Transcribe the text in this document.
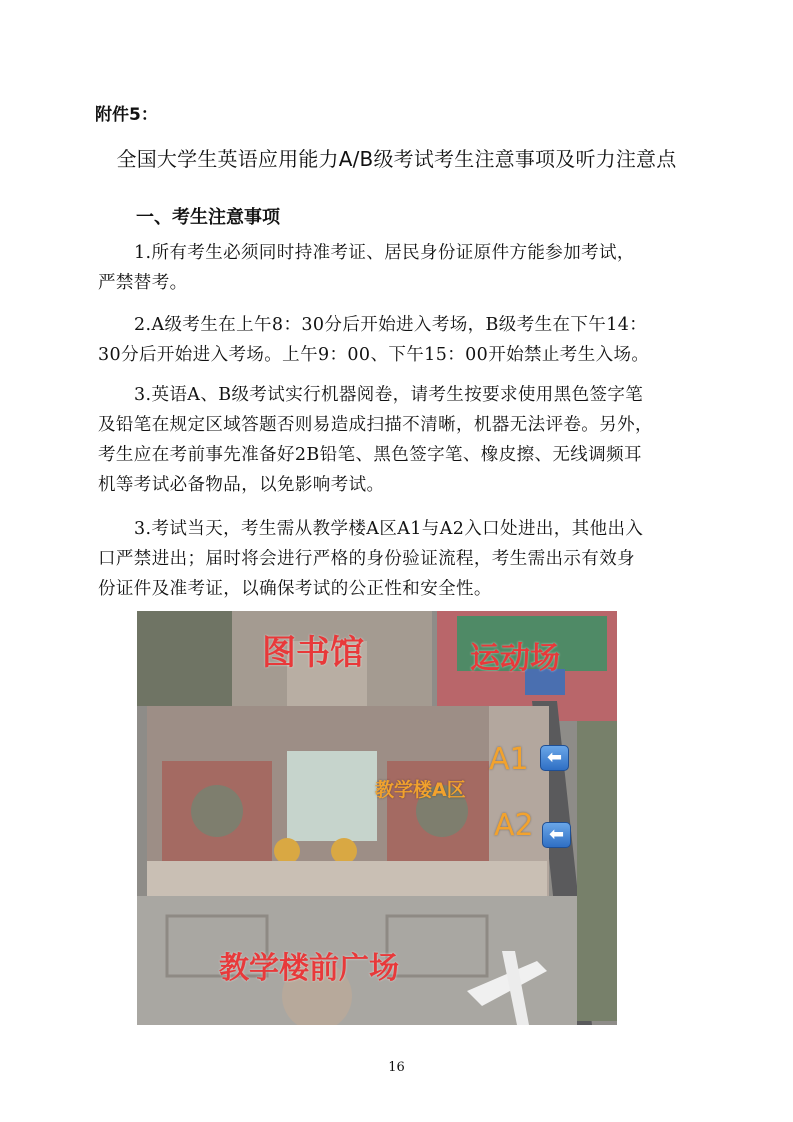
附件5：
全国大学生英语应用能力A/B级考试考生注意事项及听力注意点
一、考生注意事项
1.所有考生必须同时持准考证、居民身份证原件方能参加考试，
严禁替考。
2.A级考生在上午8：30分后开始进入考场，B级考生在下午14：
30分后开始进入考场。上午9：00、下午15：00开始禁止考生入场。
3.英语A、B级考试实行机器阅卷，请考生按要求使用黑色签字笔
及铅笔在规定区域答题否则易造成扫描不清晰，机器无法评卷。另外，
考生应在考前事先准备好2B铅笔、黑色签字笔、橡皮擦、无线调频耳
机等考试必备物品，以免影响考试。
3.考试当天，考生需从教学楼A区A1与A2入口处进出，其他出入
口严禁进出；届时将会进行严格的身份验证流程，考生需出示有效身
份证件及准考证，以确保考试的公正性和安全性。
图书馆	运动场
教学楼A区
A1
A2
教学楼前广场
⬅
⬅
16
